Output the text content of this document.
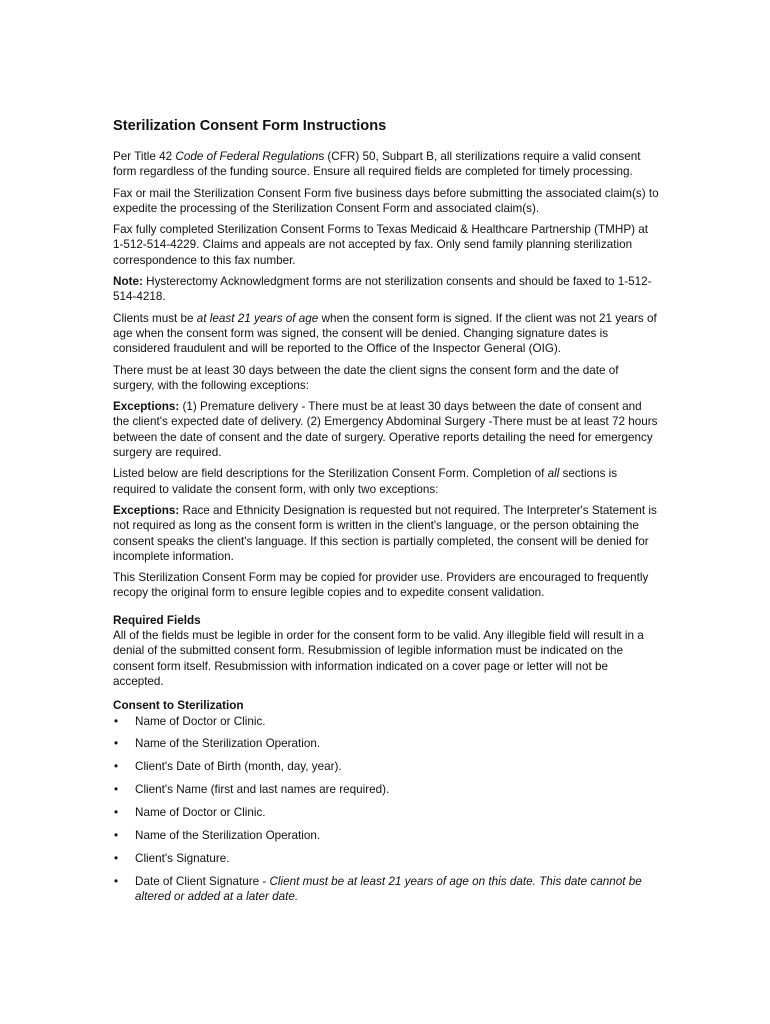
Sterilization Consent Form Instructions

Per Title 42 Code of Federal Regulations (CFR) 50, Subpart B, all sterilizations require a valid consent form regardless of the funding source. Ensure all required fields are completed for timely processing.

Fax or mail the Sterilization Consent Form five business days before submitting the associated claim(s) to expedite the processing of the Sterilization Consent Form and associated claim(s).

Fax fully completed Sterilization Consent Forms to Texas Medicaid & Healthcare Partnership (TMHP) at 1-512-514-4229. Claims and appeals are not accepted by fax. Only send family planning sterilization correspondence to this fax number.

Note: Hysterectomy Acknowledgment forms are not sterilization consents and should be faxed to 1-512-514-4218.

Clients must be at least 21 years of age when the consent form is signed. If the client was not 21 years of age when the consent form was signed, the consent will be denied. Changing signature dates is considered fraudulent and will be reported to the Office of the Inspector General (OIG).

There must be at least 30 days between the date the client signs the consent form and the date of surgery, with the following exceptions:

Exceptions: (1) Premature delivery - There must be at least 30 days between the date of consent and the client's expected date of delivery. (2) Emergency Abdominal Surgery -There must be at least 72 hours between the date of consent and the date of surgery. Operative reports detailing the need for emergency surgery are required.

Listed below are field descriptions for the Sterilization Consent Form. Completion of all sections is required to validate the consent form, with only two exceptions:

Exceptions: Race and Ethnicity Designation is requested but not required. The Interpreter's Statement is not required as long as the consent form is written in the client's language, or the person obtaining the consent speaks the client's language. If this section is partially completed, the consent will be denied for incomplete information.

This Sterilization Consent Form may be copied for provider use. Providers are encouraged to frequently recopy the original form to ensure legible copies and to expedite consent validation.

Required Fields

All of the fields must be legible in order for the consent form to be valid. Any illegible field will result in a denial of the submitted consent form. Resubmission of legible information must be indicated on the consent form itself. Resubmission with information indicated on a cover page or letter will not be accepted.

Consent to Sterilization
• Name of Doctor or Clinic.
• Name of the Sterilization Operation.
• Client's Date of Birth (month, day, year).
• Client's Name (first and last names are required).
• Name of Doctor or Clinic.
• Name of the Sterilization Operation.
• Client's Signature.
• Date of Client Signature - Client must be at least 21 years of age on this date. This date cannot be altered or added at a later date.
